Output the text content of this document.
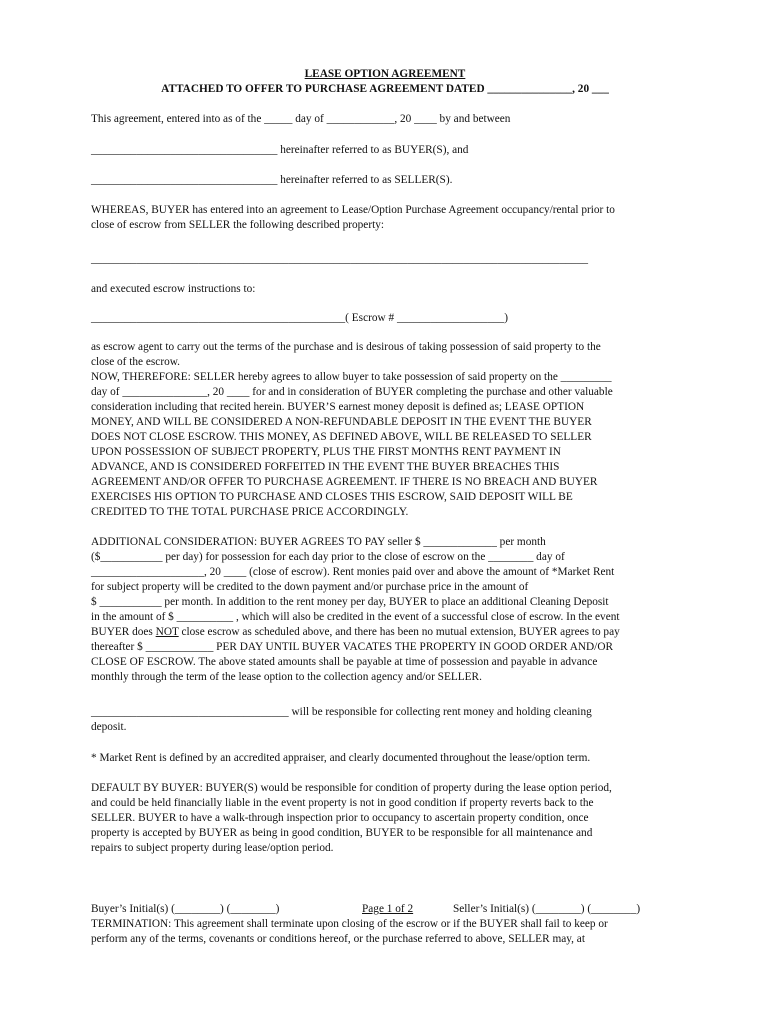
LEASE OPTION AGREEMENT
ATTACHED TO OFFER TO PURCHASE AGREEMENT DATED _______________, 20 ___
This agreement, entered into as of the _____ day of ____________, 20 ____ by and between
_________________________________ hereinafter referred to as BUYER(S), and
_________________________________ hereinafter referred to as SELLER(S).
WHEREAS, BUYER has entered into an agreement to Lease/Option Purchase Agreement occupancy/rental prior to
close of escrow from SELLER the following described property:
________________________________________________________________________________________
and executed escrow instructions to:
_____________________________________________( Escrow # ___________________)
as escrow agent to carry out the terms of the purchase and is desirous of taking possession of said property to the
close of the escrow.
NOW, THEREFORE: SELLER hereby agrees to allow buyer to take possession of said property on the _________
day of _______________, 20 ____ for and in consideration of BUYER completing the purchase and other valuable
consideration including that recited herein. BUYER’S earnest money deposit is defined as; LEASE OPTION
MONEY, AND WILL BE CONSIDERED A NON-REFUNDABLE DEPOSIT IN THE EVENT THE BUYER
DOES NOT CLOSE ESCROW. THIS MONEY, AS DEFINED ABOVE, WILL BE RELEASED TO SELLER
UPON POSSESSION OF SUBJECT PROPERTY, PLUS THE FIRST MONTHS RENT PAYMENT IN
ADVANCE, AND IS CONSIDERED FORFEITED IN THE EVENT THE BUYER BREACHES THIS
AGREEMENT AND/OR OFFER TO PURCHASE AGREEMENT. IF THERE IS NO BREACH AND BUYER
EXERCISES HIS OPTION TO PURCHASE AND CLOSES THIS ESCROW, SAID DEPOSIT WILL BE
CREDITED TO THE TOTAL PURCHASE PRICE ACCORDINGLY.
ADDITIONAL CONSIDERATION: BUYER AGREES TO PAY seller $ _____________ per month
($___________ per day) for possession for each day prior to the close of escrow on the ________ day of
____________________, 20 ____ (close of escrow). Rent monies paid over and above the amount of *Market Rent
for subject property will be credited to the down payment and/or purchase price in the amount of
$ ___________ per month. In addition to the rent money per day, BUYER to place an additional Cleaning Deposit
in the amount of $ __________ , which will also be credited in the event of a successful close of escrow. In the event
BUYER does NOT close escrow as scheduled above, and there has been no mutual extension, BUYER agrees to pay
thereafter $ ____________ PER DAY UNTIL BUYER VACATES THE PROPERTY IN GOOD ORDER AND/OR
CLOSE OF ESCROW. The above stated amounts shall be payable at time of possession and payable in advance
monthly through the term of the lease option to the collection agency and/or SELLER.
___________________________________ will be responsible for collecting rent money and holding cleaning
deposit.
* Market Rent is defined by an accredited appraiser, and clearly documented throughout the lease/option term.
DEFAULT BY BUYER: BUYER(S) would be responsible for condition of property during the lease option period,
and could be held financially liable in the event property is not in good condition if property reverts back to the
SELLER. BUYER to have a walk-through inspection prior to occupancy to ascertain property condition, once
property is accepted by BUYER as being in good condition, BUYER to be responsible for all maintenance and
repairs to subject property during lease/option period.
Buyer’s Initial(s) (________) (________)	Page 1 of 2	Seller’s Initial(s) (________) (________)
TERMINATION: This agreement shall terminate upon closing of the escrow or if the BUYER shall fail to keep or
perform any of the terms, covenants or conditions hereof, or the purchase referred to above, SELLER may, at
